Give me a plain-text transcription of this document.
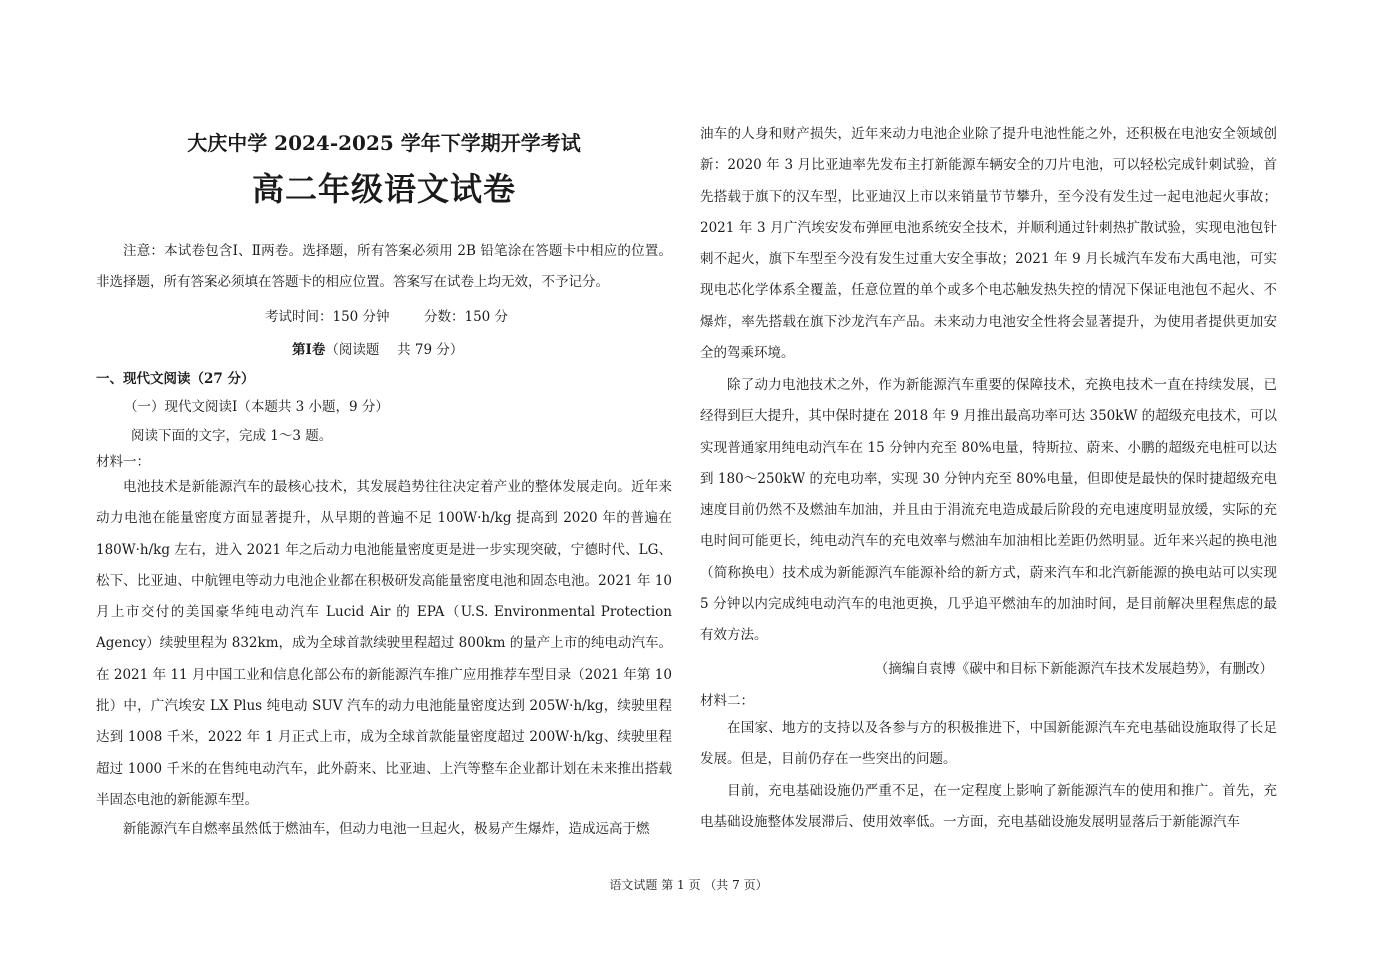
大庆中学 2024-2025 学年下学期开学考试
高二年级语文试卷

注意：本试卷包含Ⅰ、Ⅱ两卷。选择题，所有答案必须用 2B 铅笔涂在答题卡中相应的位置。非选择题，所有答案必须填在答题卡的相应位置。答案写在试卷上均无效，不予记分。

考试时间：150 分钟	分数：150 分
第Ⅰ卷（阅读题　 共 79 分）
一、现代文阅读（27 分）
（一）现代文阅读Ⅰ（本题共 3 小题，9 分）
阅读下面的文字，完成 1～3 题。
材料一：

电池技术是新能源汽车的最核心技术，其发展趋势往往决定着产业的整体发展走向。近年来动力电池在能量密度方面显著提升，从早期的普遍不足 100W·h/kg 提高到 2020 年的普遍在 180W·h/kg 左右，进入 2021 年之后动力电池能量密度更是进一步实现突破，宁德时代、LG、松下、比亚迪、中航锂电等动力电池企业都在积极研发高能量密度电池和固态电池。2021 年 10 月上市交付的美国豪华纯电动汽车 Lucid Air 的 EPA（U.S. Environmental Protection Agency）续驶里程为 832km，成为全球首款续驶里程超过 800km 的量产上市的纯电动汽车。在 2021 年 11 月中国工业和信息化部公布的新能源汽车推广应用推荐车型目录（2021 年第 10 批）中，广汽埃安 LX Plus 纯电动 SUV 汽车的动力电池能量密度达到 205W·h/kg，续驶里程达到 1008 千米，2022 年 1 月正式上市，成为全球首款能量密度超过 200W·h/kg、续驶里程超过 1000 千米的在售纯电动汽车，此外蔚来、比亚迪、上汽等整车企业都计划在未来推出搭载半固态电池的新能源车型。

新能源汽车自燃率虽然低于燃油车，但动力电池一旦起火，极易产生爆炸，造成远高于燃

油车的人身和财产损失，近年来动力电池企业除了提升电池性能之外，还积极在电池安全领域创新：2020 年 3 月比亚迪率先发布主打新能源车辆安全的刀片电池，可以轻松完成针刺试验，首先搭载于旗下的汉车型，比亚迪汉上市以来销量节节攀升，至今没有发生过一起电池起火事故；2021 年 3 月广汽埃安发布弹匣电池系统安全技术，并顺利通过针刺热扩散试验，实现电池包针刺不起火，旗下车型至今没有发生过重大安全事故；2021 年 9 月长城汽车发布大禹电池，可实现电芯化学体系全覆盖，任意位置的单个或多个电芯触发热失控的情况下保证电池包不起火、不爆炸，率先搭载在旗下沙龙汽车产品。未来动力电池安全性将会显著提升，为使用者提供更加安全的驾乘环境。

除了动力电池技术之外，作为新能源汽车重要的保障技术，充换电技术一直在持续发展，已经得到巨大提升，其中保时捷在 2018 年 9 月推出最高功率可达 350kW 的超级充电技术，可以实现普通家用纯电动汽车在 15 分钟内充至 80%电量，特斯拉、蔚来、小鹏的超级充电桩可以达到 180～250kW 的充电功率，实现 30 分钟内充至 80%电量，但即使是最快的保时捷超级充电速度目前仍然不及燃油车加油，并且由于涓流充电造成最后阶段的充电速度明显放缓，实际的充电时间可能更长，纯电动汽车的充电效率与燃油车加油相比差距仍然明显。近年来兴起的换电池（简称换电）技术成为新能源汽车能源补给的新方式，蔚来汽车和北汽新能源的换电站可以实现 5 分钟以内完成纯电动汽车的电池更换，几乎追平燃油车的加油时间，是目前解决里程焦虑的最有效方法。

（摘编自袁博《碳中和目标下新能源汽车技术发展趋势》，有删改）
材料二：

在国家、地方的支持以及各参与方的积极推进下，中国新能源汽车充电基础设施取得了长足发展。但是，目前仍存在一些突出的问题。

目前，充电基础设施仍严重不足，在一定程度上影响了新能源汽车的使用和推广。首先，充电基础设施整体发展滞后、使用效率低。一方面，充电基础设施发展明显落后于新能源汽车

语文试题 第 1 页 （共 7 页）
